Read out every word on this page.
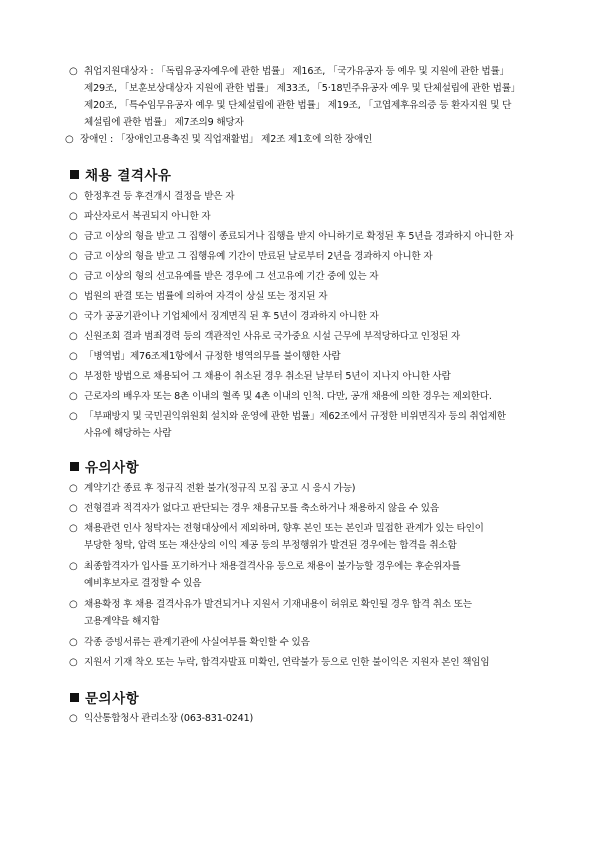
○ 취업지원대상자 : 「독립유공자예우에 관한 법률」 제16조, 「국가유공자 등 예우 및 지원에 관한 법률」
제29조, 「보훈보상대상자 지원에 관한 법률」 제33조, 「5·18민주유공자 예우 및 단체설립에 관한 법률」
제20조, 「특수임무유공자 예우 및 단체설립에 관한 법률」 제19조, 「고엽제후유의증 등 환자지원 및 단
체설립에 관한 법률」 제7조의9 해당자
○ 장애인 : 「장애인고용촉진 및 직업재활법」 제2조 제1호에 의한 장애인
채용 결격사유
○ 한정후견 등 후견개시 결정을 받은 자
○ 파산자로서 복권되지 아니한 자
○ 금고 이상의 형을 받고 그 집행이 종료되거나 집행을 받지 아니하기로 확정된 후 5년을 경과하지 아니한 자
○ 금고 이상의 형을 받고 그 집행유예 기간이 만료된 날로부터 2년을 경과하지 아니한 자
○ 금고 이상의 형의 선고유예를 받은 경우에 그 선고유예 기간 중에 있는 자
○ 법원의 판결 또는 법률에 의하여 자격이 상실 또는 정지된 자
○ 국가 공공기관이나 기업체에서 징계면직 된 후 5년이 경과하지 아니한 자
○ 신원조회 결과 범죄경력 등의 객관적인 사유로 국가중요 시설 근무에 부적당하다고 인정된 자
○ 「병역법」제76조제1항에서 규정한 병역의무를 불이행한 사람
○ 부정한 방법으로 채용되어 그 채용이 취소된 경우 취소된 날부터 5년이 지나지 아니한 사람
○ 근로자의 배우자 또는 8촌 이내의 혈족 및 4촌 이내의 인척. 다만, 공개 채용에 의한 경우는 제외한다.
○ 「부패방지 및 국민권익위원회 설치와 운영에 관한 법률」제62조에서 규정한 비위면직자 등의 취업제한
사유에 해당하는 사람
유의사항
○ 계약기간 종료 후 정규직 전환 불가(정규직 모집 공고 시 응시 가능)
○ 전형결과 적격자가 없다고 판단되는 경우 채용규모를 축소하거나 채용하지 않을 수 있음
○ 채용관련 인사 청탁자는 전형대상에서 제외하며, 향후 본인 또는 본인과 밀접한 관계가 있는 타인이
부당한 청탁, 압력 또는 재산상의 이익 제공 등의 부정행위가 발견된 경우에는 합격을 취소함
○ 최종합격자가 입사를 포기하거나 채용결격사유 등으로 채용이 불가능할 경우에는 후순위자를
예비후보자로 결정할 수 있음
○ 채용확정 후 채용 결격사유가 발견되거나 지원서 기재내용이 허위로 확인될 경우 합격 취소 또는
고용계약을 해지함
○ 각종 증빙서류는 관계기관에 사실여부를 확인할 수 있음
○ 지원서 기재 착오 또는 누락, 합격자발표 미확인, 연락불가 등으로 인한 불이익은 지원자 본인 책임임
문의사항
○ 익산통합청사 관리소장 (063-831-0241)
